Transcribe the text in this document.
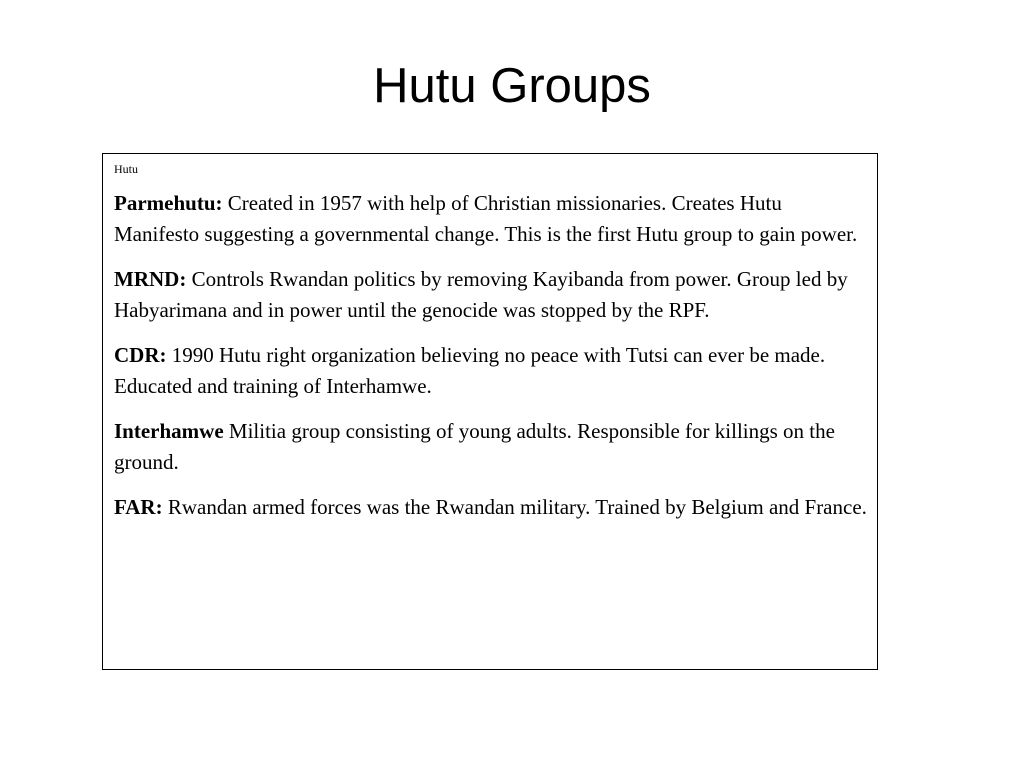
Hutu Groups
Hutu

Parmehutu: Created in 1957 with help of Christian missionaries. Creates Hutu Manifesto suggesting a governmental change. This is the first Hutu group to gain power.

MRND: Controls Rwandan politics by removing Kayibanda from power. Group led by Habyarimana and in power until the genocide was stopped by the RPF.

CDR: 1990 Hutu right organization believing no peace with Tutsi can ever be made. Educated and training of Interhamwe.

Interhamwe Militia group consisting of young adults. Responsible for killings on the ground.

FAR: Rwandan armed forces was the Rwandan military. Trained by Belgium and France.
